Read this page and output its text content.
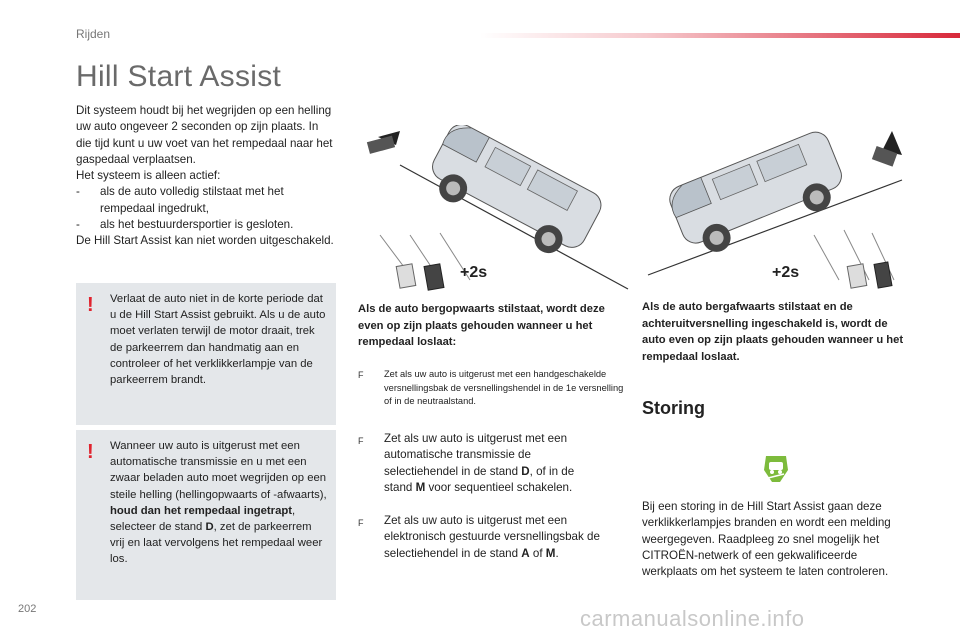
Rijden
Hill Start Assist
Dit systeem houdt bij het wegrijden op een helling uw auto ongeveer 2 seconden op zijn plaats. In die tijd kunt u uw voet van het rempedaal naar het gaspedaal verplaatsen.
Het systeem is alleen actief:
-	als de auto volledig stilstaat met het rempedaal ingedrukt,
-	als het bestuurdersportier is gesloten.
De Hill Start Assist kan niet worden uitgeschakeld.
! Verlaat de auto niet in de korte periode dat u de Hill Start Assist gebruikt. Als u de auto moet verlaten terwijl de motor draait, trek de parkeerrem dan handmatig aan en controleer of het verklikkerlampje van de parkeerrem brandt.
! Wanneer uw auto is uitgerust met een automatische transmissie en u met een zwaar beladen auto moet wegrijden op een steile helling (hellingopwaarts of -afwaarts), houd dan het rempedaal ingetrapt, selecteer de stand D, zet de parkeerrem vrij en laat vervolgens het rempedaal weer los.
+2s	+2s
Als de auto bergopwaarts stilstaat, wordt deze even op zijn plaats gehouden wanneer u het rempedaal loslaat:
F	Zet als uw auto is uitgerust met een handgeschakelde versnellingsbak de versnellingshendel in de 1e versnelling of in de neutraalstand.
F	Zet als uw auto is uitgerust met een automatische transmissie de selectiehendel in de stand D, of in de stand M voor sequentieel schakelen.
F	Zet als uw auto is uitgerust met een elektronisch gestuurde versnellingsbak de selectiehendel in de stand A of M.
Als de auto bergafwaarts stilstaat en de achteruitversnelling ingeschakeld is, wordt de auto even op zijn plaats gehouden wanneer u het rempedaal loslaat.
Storing
Bij een storing in de Hill Start Assist gaan deze verklikkerlampjes branden en wordt een melding weergegeven. Raadpleeg zo snel mogelijk het CITROËN-netwerk of een gekwalificeerde werkplaats om het systeem te laten controleren.
202	carmanualsonline.info
